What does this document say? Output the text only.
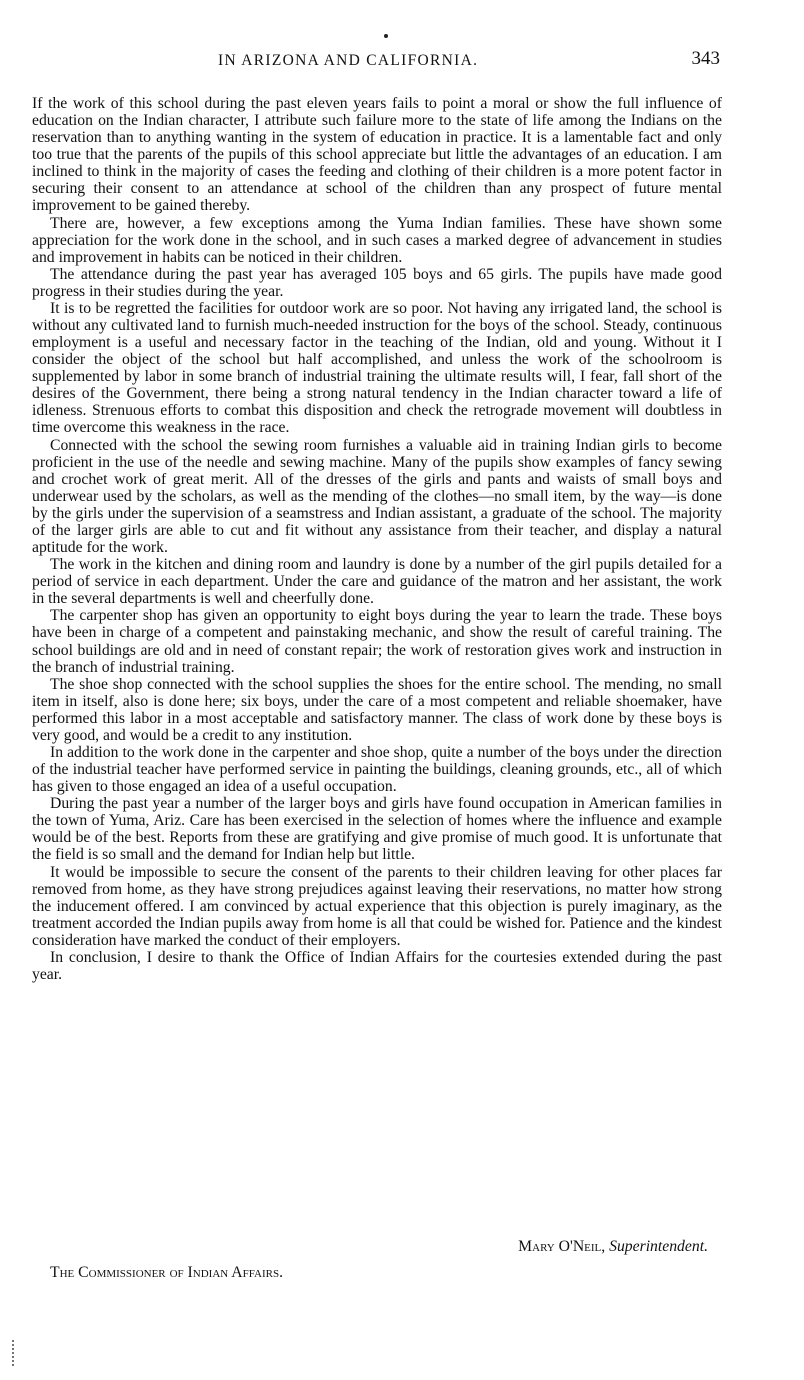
IN ARIZONA AND CALIFORNIA.	343

If the work of this school during the past eleven years fails to point a moral or show the full influence of education on the Indian character, I attribute such failure more to the state of life among the Indians on the reservation than to anything wanting in the system of education in practice. It is a lamentable fact and only too true that the parents of the pupils of this school appreciate but little the advantages of an education. I am inclined to think in the majority of cases the feeding and clothing of their children is a more potent factor in securing their consent to an attendance at school of the children than any prospect of future mental improvement to be gained thereby.

There are, however, a few exceptions among the Yuma Indian families. These have shown some appreciation for the work done in the school, and in such cases a marked degree of advancement in studies and improvement in habits can be noticed in their children.

The attendance during the past year has averaged 105 boys and 65 girls. The pupils have made good progress in their studies during the year.

It is to be regretted the facilities for outdoor work are so poor. Not having any irrigated land, the school is without any cultivated land to furnish much-needed instruction for the boys of the school. Steady, continuous employment is a useful and necessary factor in the teaching of the Indian, old and young. Without it I consider the object of the school but half accomplished, and unless the work of the schoolroom is supplemented by labor in some branch of industrial training the ultimate results will, I fear, fall short of the desires of the Government, there being a strong natural tendency in the Indian character toward a life of idleness. Strenuous efforts to combat this disposition and check the retrograde movement will doubtless in time overcome this weakness in the race.

Connected with the school the sewing room furnishes a valuable aid in training Indian girls to become proficient in the use of the needle and sewing machine. Many of the pupils show examples of fancy sewing and crochet work of great merit. All of the dresses of the girls and pants and waists of small boys and underwear used by the scholars, as well as the mending of the clothes—no small item, by the way—is done by the girls under the supervision of a seamstress and Indian assistant, a graduate of the school. The majority of the larger girls are able to cut and fit without any assistance from their teacher, and display a natural aptitude for the work.

The work in the kitchen and dining room and laundry is done by a number of the girl pupils detailed for a period of service in each department. Under the care and guidance of the matron and her assistant, the work in the several departments is well and cheerfully done.

The carpenter shop has given an opportunity to eight boys during the year to learn the trade. These boys have been in charge of a competent and painstaking mechanic, and show the result of careful training. The school buildings are old and in need of constant repair; the work of restoration gives work and instruction in the branch of industrial training.

The shoe shop connected with the school supplies the shoes for the entire school. The mending, no small item in itself, also is done here; six boys, under the care of a most competent and reliable shoemaker, have performed this labor in a most acceptable and satisfactory manner. The class of work done by these boys is very good, and would be a credit to any institution.

In addition to the work done in the carpenter and shoe shop, quite a number of the boys under the direction of the industrial teacher have performed service in painting the buildings, cleaning grounds, etc., all of which has given to those engaged an idea of a useful occupation.

During the past year a number of the larger boys and girls have found occupation in American families in the town of Yuma, Ariz. Care has been exercised in the selection of homes where the influence and example would be of the best. Reports from these are gratifying and give promise of much good. It is unfortunate that the field is so small and the demand for Indian help but little.

It would be impossible to secure the consent of the parents to their children leaving for other places far removed from home, as they have strong prejudices against leaving their reservations, no matter how strong the inducement offered. I am convinced by actual experience that this objection is purely imaginary, as the treatment accorded the Indian pupils away from home is all that could be wished for. Patience and the kindest consideration have marked the conduct of their employers.

In conclusion, I desire to thank the Office of Indian Affairs for the courtesies extended during the past year.

Mary O'Neil, Superintendent.
The Commissioner of Indian Affairs.
